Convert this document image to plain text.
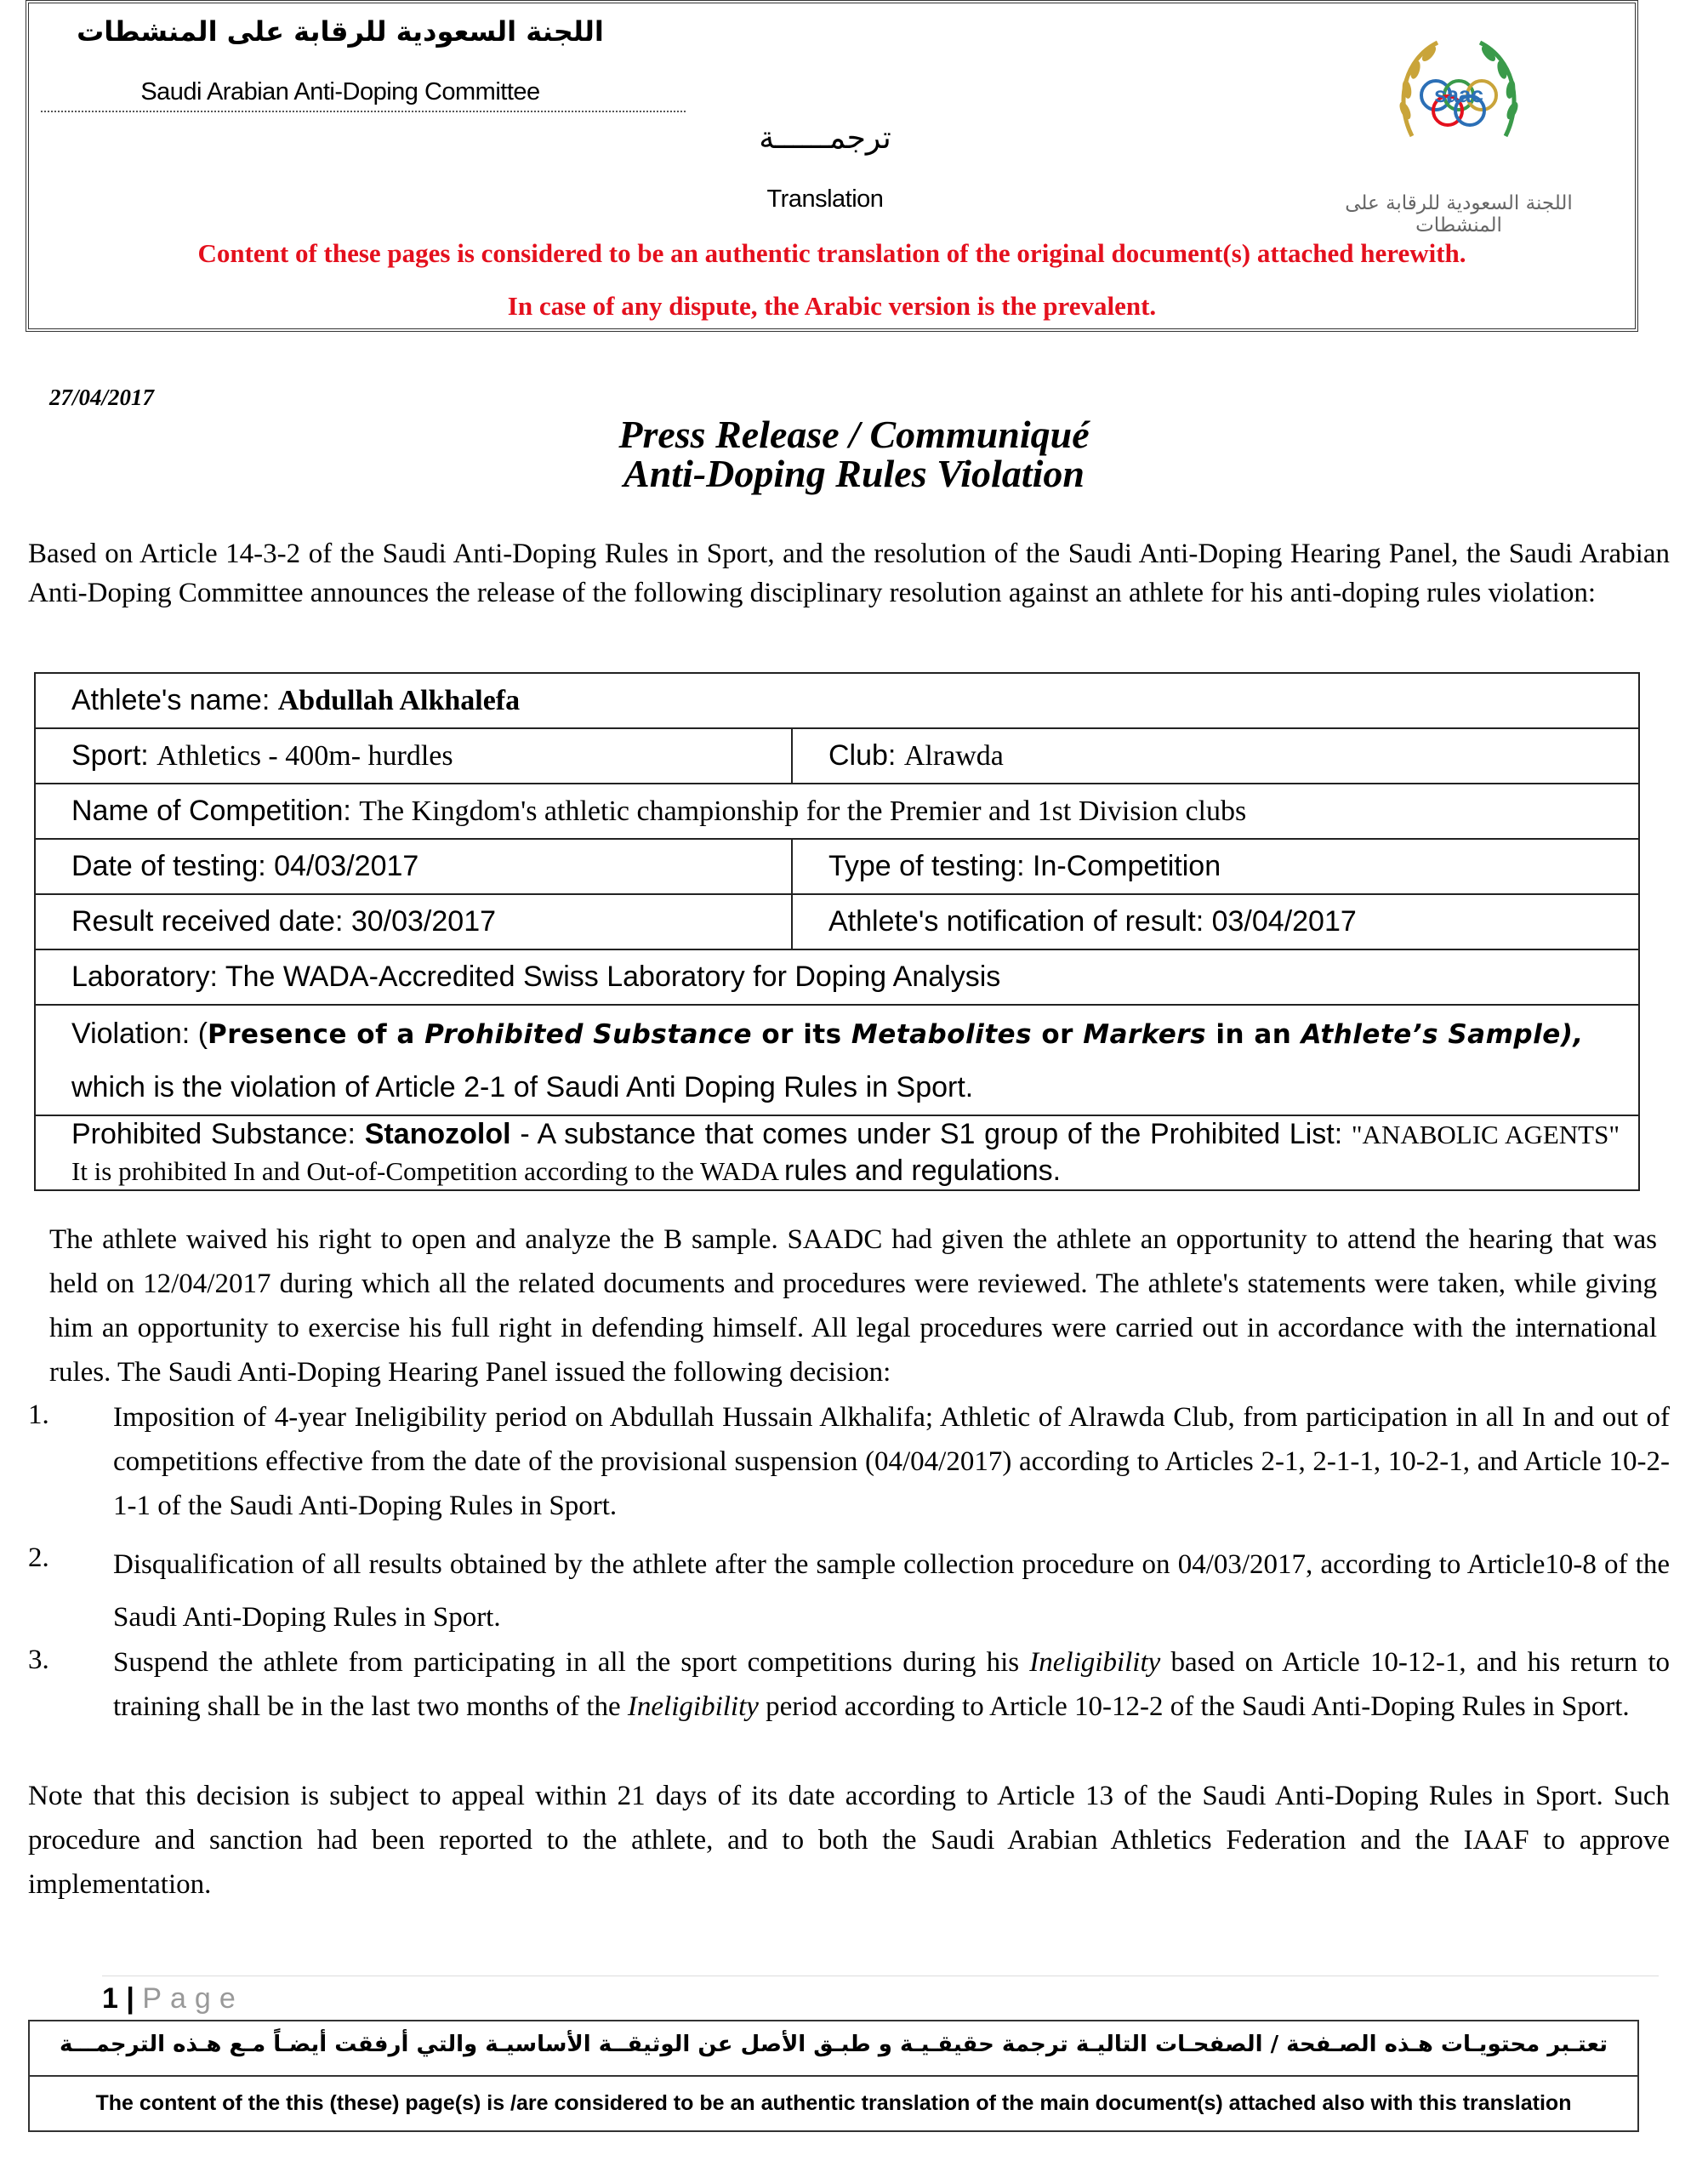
اللجنة السعودية للرقابة على المنشطات
Saudi Arabian Anti-Doping Committee
ترجمــــــة
Translation
Content of these pages is considered to be an authentic translation of the original document(s) attached herewith.
In case of any dispute, the Arabic version is the prevalent.
saac
اللجنة السعودية للرقابة على المنشطات
27/04/2017
Press Release / Communiqué
Anti-Doping Rules Violation
Based on Article 14-3-2 of the Saudi Anti-Doping Rules in Sport, and the resolution of the Saudi Anti-Doping Hearing Panel, the Saudi Arabian Anti-Doping Committee announces the release of the following disciplinary resolution against an athlete for his anti-doping rules violation:
Athlete's name: Abdullah Alkhalefa	
Sport: Athletics - 400m- hurdles	Club: Alrawda
Name of Competition: The Kingdom's athletic championship for the Premier and 1st Division clubs	
Date of testing: 04/03/2017	Type of testing: In-Competition
Result received date: 30/03/2017	Athlete's notification of result: 03/04/2017
Laboratory: The WADA-Accredited Swiss Laboratory for Doping Analysis	
Violation: (Presence of a Prohibited Substance or its Metabolites or Markers in an Athlete’s Sample),
which is the violation of Article 2-1 of Saudi Anti Doping Rules in Sport.	
Prohibited Substance: Stanozolol - A substance that comes under S1 group of the Prohibited List: "ANABOLIC AGENTS" It is prohibited In and Out-of-Competition according to the WADA rules and regulations.	
The athlete waived his right to open and analyze the B sample. SAADC had given the athlete an opportunity to attend the hearing that was held on 12/04/2017 during which all the related documents and procedures were reviewed. The athlete's statements were taken, while giving him an opportunity to exercise his full right in defending himself. All legal procedures were carried out in accordance with the international rules. The Saudi Anti-Doping Hearing Panel issued the following decision:
1.	Imposition of 4-year Ineligibility period on Abdullah Hussain Alkhalifa; Athletic of Alrawda Club, from participation in all In and out of competitions effective from the date of the provisional suspension (04/04/2017) according to Articles 2-1, 2-1-1, 10-2-1, and Article 10-2-1-1 of the Saudi Anti-Doping Rules in Sport.
2.	Disqualification of all results obtained by the athlete after the sample collection procedure on 04/03/2017, according to Article10-8 of the Saudi Anti-Doping Rules in Sport.
3.	Suspend the athlete from participating in all the sport competitions during his Ineligibility based on Article 10-12-1, and his return to training shall be in the last two months of the Ineligibility period according to Article 10-12-2 of the Saudi Anti-Doping Rules in Sport.
Note that this decision is subject to appeal within 21 days of its date according to Article 13 of the Saudi Anti-Doping Rules in Sport. Such procedure and sanction had been reported to the athlete, and to both the Saudi Arabian Athletics Federation and the IAAF to approve implementation.
1 | Page
تعتـبر محتويـات هـذه الصـفحة / الصفحـات التاليـة ترجمة حقيقـيـة و طبـق الأصل عن الوثيقــة الأساسيـة والتي أرفقت أيضـاً مـع هـذه الترجمـــة
The content of the this (these) page(s) is /are considered to be an authentic translation of the main document(s) attached also with this translation
